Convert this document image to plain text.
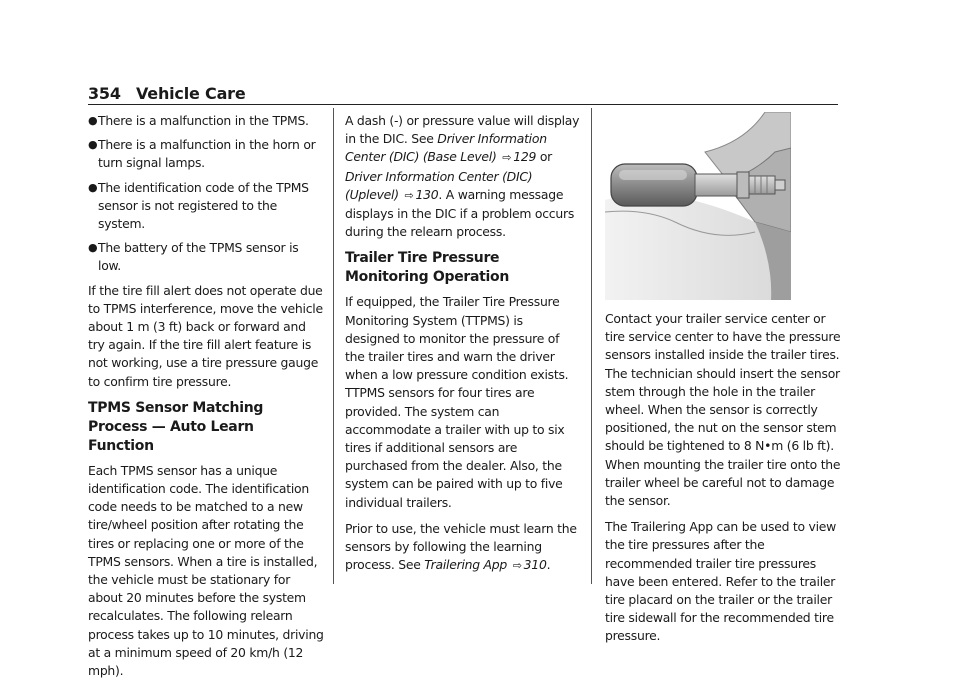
354 Vehicle Care
● There is a malfunction in the TPMS.
● There is a malfunction in the horn or turn signal lamps.
● The identification code of the TPMS sensor is not registered to the system.
● The battery of the TPMS sensor is low.

If the tire fill alert does not operate due to TPMS interference, move the vehicle about 1 m (3 ft) back or forward and try again. If the tire fill alert feature is not working, use a tire pressure gauge to confirm tire pressure.

TPMS Sensor Matching Process — Auto Learn Function

Each TPMS sensor has a unique identification code. The identification code needs to be matched to a new tire/wheel position after rotating the tires or replacing one or more of the TPMS sensors. When a tire is installed, the vehicle must be stationary for about 20 minutes before the system recalculates. The following relearn process takes up to 10 minutes, driving at a minimum speed of 20 km/h (12 mph).

A dash (-) or pressure value will display in the DIC. See Driver Information Center (DIC) (Base Level) ⇨ 129 or Driver Information Center (DIC) (Uplevel) ⇨ 130. A warning message displays in the DIC if a problem occurs during the relearn process.

Trailer Tire Pressure Monitoring Operation

If equipped, the Trailer Tire Pressure Monitoring System (TTPMS) is designed to monitor the pressure of the trailer tires and warn the driver when a low pressure condition exists. TTPMS sensors for four tires are provided. The system can accommodate a trailer with up to six tires if additional sensors are purchased from the dealer. Also, the system can be paired with up to five individual trailers.

Prior to use, the vehicle must learn the sensors by following the learning process. See Trailering App ⇨ 310.

Contact your trailer service center or tire service center to have the pressure sensors installed inside the trailer tires. The technician should insert the sensor stem through the hole in the trailer wheel. When the sensor is correctly positioned, the nut on the sensor stem should be tightened to 8 N•m (6 lb ft). When mounting the trailer tire onto the trailer wheel be careful not to damage the sensor.

The Trailering App can be used to view the tire pressures after the recommended trailer tire pressures have been entered. Refer to the trailer tire placard on the trailer or the trailer tire sidewall for the recommended tire pressure.
